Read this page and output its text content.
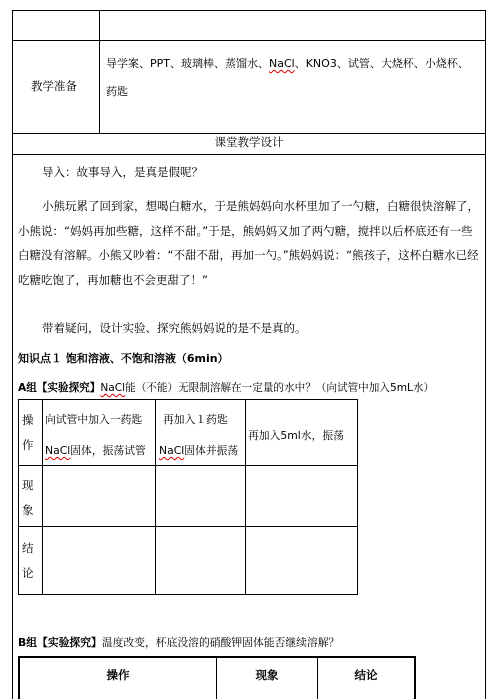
教学准备
导学案、PPT、玻璃棒、蒸馏水、NaCl、KNO3、试管、大烧杯、小烧杯、
药匙
课堂教学设计
导入：故事导入，是真是假呢？
小熊玩累了回到家，想喝白糖水，于是熊妈妈向水杯里加了一勺糖，白糖很快溶解了，小熊说：“妈妈再加些糖，这样不甜。”于是，熊妈妈又加了两勺糖，搅拌以后杯底还有一些白糖没有溶解。小熊又吵着：“不甜不甜，再加一勺。”熊妈妈说：“熊孩子，这杯白糖水已经吃糖吃饱了，再加糖也不会更甜了！”
带着疑问，设计实验、探究熊妈妈说的是不是真的。
知识点１ 饱和溶液、不饱和溶液（6min）
A组【实验探究】NaCl能（不能）无限制溶解在一定量的水中？（向试管中加入5mL水）
操作
现象
结论
向试管中加入一药匙
NaCl固体，振荡试管
再加入１药匙
NaCl固体并振荡
再加入5ml水，振荡
B组【实验探究】温度改变，杯底没溶的硝酸钾固体能否继续溶解？
操作	现象	结论
